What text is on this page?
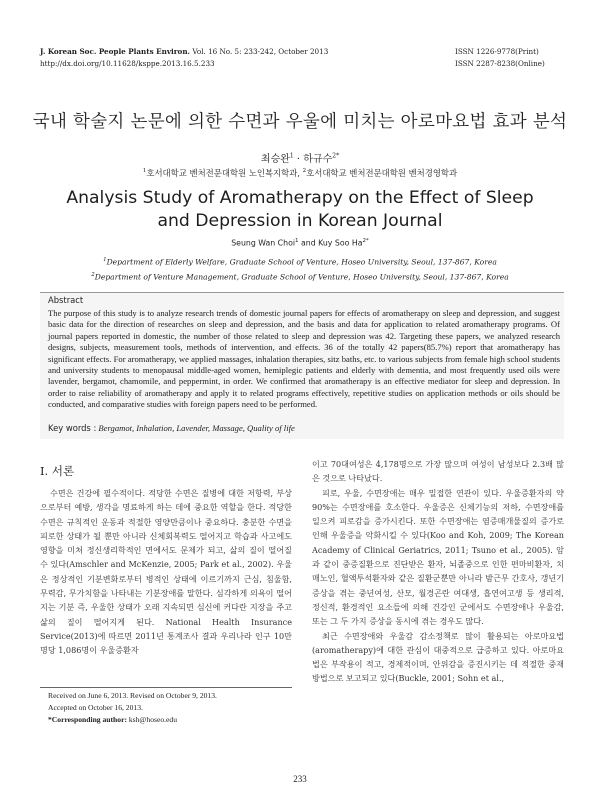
J. Korean Soc. People Plants Environ. Vol. 16 No. 5: 233-242, October 2013
http://dx.doi.org/10.11628/ksppe.2013.16.5.233
ISSN 1226-9778(Print)
ISSN 2287-8238(Online)
국내 학술지 논문에 의한 수면과 우울에 미치는 아로마요법 효과 분석
최승완$^1$ · 하규수$^{2*}$
$^1$호서대학교 벤처전문대학원 노인복지학과, $^2$호서대학교 벤처전문대학원 벤처경영학과
Analysis Study of Aromatherapy on the Effect of Sleep
and Depression in Korean Journal
Seung Wan Choi$^1$ and Kuy Soo $Ha^{2*}$
$^1$Department of Elderly Welfare, Graduate School of Venture, Hoseo University, Seoul, 137-867, Korea
$^2$Department of Venture Management, Graduate School of Venture, Hoseo University, Seoul, 137-867, Korea
Abstract
The purpose of this study is to analyze research trends of domestic journal papers for effects of aromatherapy on sleep and depression, and suggest basic data for the direction of researches on sleep and depression, and the basis and data for application to related aromatherapy programs. Of journal papers reported in domestic, the number of those related to sleep and depression was 42. Targeting these papers, we analyzed research designs, subjects, measurement tools, methods of intervention, and effects. 36 of the totally 42 papers(85.7%) report that aromatherapy has significant effects. For aromatherapy, we applied massages, inhalation therapies, sitz baths, etc. to various subjects from female high school students and university students to menopausal middle-aged women, hemiplegic patients and elderly with dementia, and most frequently used oils were lavender, bergamot, chamomile, and peppermint, in order. We confirmed that aromatherapy is an effective mediator for sleep and depression. In order to raise reliability of aromatherapy and apply it to related programs effectively, repetitive studies on application methods or oils should be conducted, and comparative studies with foreign papers need to be performed.
Key words : Bergamot, Inhalation, Lavender, Massage, Quality of life
Ⅰ. 서론

수면은 건강에 필수적이다. 적당한 수면은 질병에 대한 저항력, 부상으로부터 예방, 생각을 명료하게 하는 데에 중요한 역할을 한다. 적당한 수면은 규칙적인 운동과 적절한 영양만큼이나 중요하다. 충분한 수면을 피로한 상태가 될 뿐만 아니라 신체회복력도 떨어지고 학습과 사고에도 영향을 미쳐 정신생리학적인 면에서도 문제가 되고, 삶의 질이 떨어질 수 있다(Amschler and McKenzie, 2005; Park et al., 2002). 우울은 정상적인 기분변화로부터 병적인 상태에 이르기까지 근심, 침울함, 무력감, 무가치함을 나타내는 기분장애를 말한다. 심각하게 의욕이 떨어지는 기분 즉, 우울한 상태가 오래 지속되면 심신에 커다란 지장을 주고 삶의 질이 떨어지게 된다. National Health Insurance Service(2013)에 따르면 2011년 통계조사 결과 우리나라 인구 10만 명당 1,086명이 우울증환자

이고 70대여성은 4,178명으로 가장 많으며 여성이 남성보다 2.3배 많은 것으로 나타났다.

피로, 우울, 수면장애는 매우 밀접한 연관이 있다. 우울증환자의 약 90%는 수면장애를 호소한다. 우울증은 신체기능의 저하, 수면장애를 일으켜 피로감을 증가시킨다. 또한 수면장애는 염증매개물질의 증가로 인해 우울증을 악화시킬 수 있다(Koo and Koh, 2009; The Korean Academy of Clinical Geriatrics, 2011; Tsuno et al., 2005). 암과 같이 중증질환으로 진단받은 환자, 뇌졸중으로 인한 편마비환자, 치매노인, 혈액투석환자와 같은 질환군뿐만 아니라 밤근무 간호사, 갱년기증상을 겪는 중년여성, 산모, 월경곤란 여대생, 흡연여고생 등 생리적, 정신적, 환경적인 요소들에 의해 건강인 군에서도 수면장애나 우울감, 또는 그 두 가지 증상을 동시에 겪는 경우도 많다.

최근 수면장애와 우울감 감소정책로 많이 활용되는 아로마요법(aromatherapy)에 대한 관심이 대중적으로 급증하고 있다. 아로마요법은 부작용이 적고, 경제적이며, 안위감을 증진시키는 데 적절한 중재방법으로 보고되고 있다(Buckle, 2001; Sohn et al.,

Received on June 6, 2013. Revised on October 9, 2013.
Accepted on October 16, 2013.
*Corresponding author: ksh@hoseo.edu
233
